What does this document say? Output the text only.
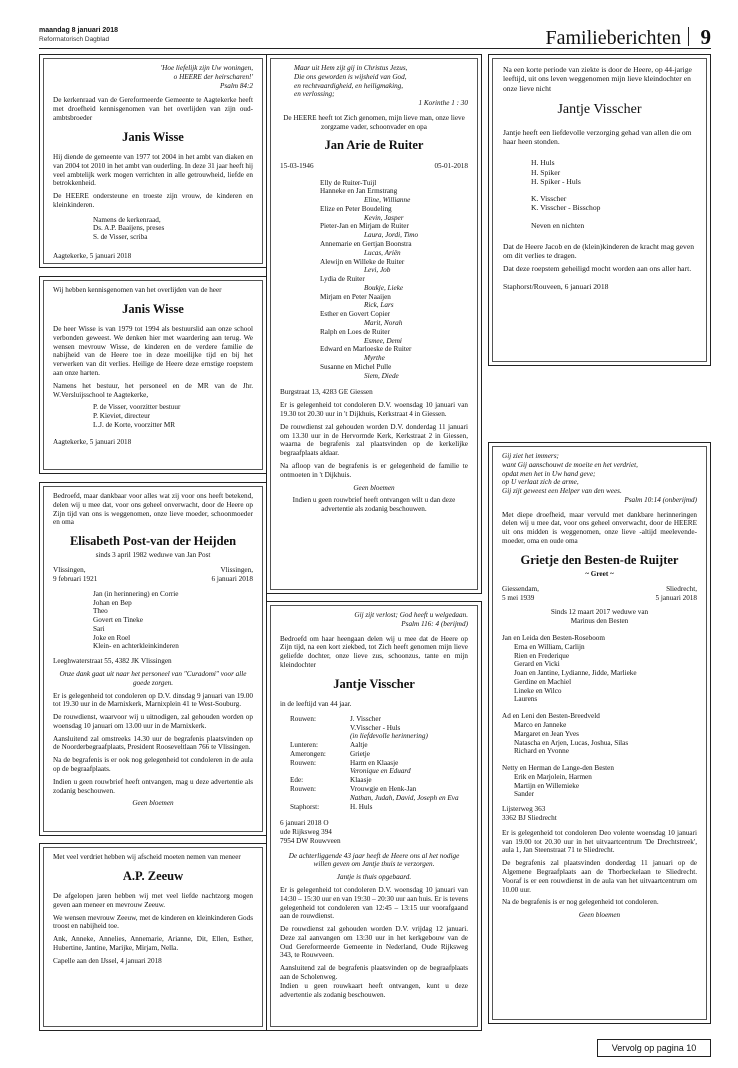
maandag 8 januari 2018
Reformatorisch Dagblad	Familieberichten 9
'Hoe liefelijk zijn Uw woningen,
o HEERE der heirscharen!'
Psalm 84:2

De kerkenraad van de Gereformeerde Gemeente te Aagtekerke heeft met droefheid kennisgenomen van het overlijden van zijn oud-ambtsbroeder

Janis Wisse

Hij diende de gemeente van 1977 tot 2004 in het ambt van diaken en van 2004 tot 2010 in het ambt van ouderling. In deze 31 jaar heeft hij veel ambtelijk werk mogen verrichten in alle getrouwheid, liefde en betrokkenheid.

De HEERE ondersteune en troeste zijn vrouw, de kinderen en kleinkinderen.

Namens de kerkenraad,
Ds. A.P. Baaijens, preses
S. de Visser, scriba

Aagtekerke, 5 januari 2018

Wij hebben kennisgenomen van het overlijden van de heer

Janis Wisse

De heer Wisse is van 1979 tot 1994 als bestuurslid aan onze school verbonden geweest. We denken hier met waardering aan terug. We wensen mevrouw Wisse, de kinderen en de verdere familie de nabijheid van de Heere toe in deze moeilijke tijd en bij het verwerken van dit verlies. Heilige de Heere deze ernstige roepstem aan onze harten.

Namens het bestuur, het personeel en de MR van de Jhr. W.Versluijsschool te Aagtekerke,

P. de Visser, voorzitter bestuur
P. Kieviet, directeur
L.J. de Korte, voorzitter MR

Aagtekerke, 5 januari 2018

Bedroefd, maar dankbaar voor alles wat zij voor ons heeft betekend, delen wij u mee dat, voor ons geheel onverwacht, door de Heere op Zijn tijd van ons is weggenomen, onze lieve moeder, schoonmoeder en oma

Elisabeth Post-van der Heijden
sinds 3 april 1982 weduwe van Jan Post
Vlissingen,
9 februari 1921
Vlissingen,
6 januari 2018
Jan (in herinnering) en Corrie
Johan en Bep
Theo
Govert en Tineke
Sari
Joke en Roel
Klein- en achterkleinkinderen

Leeghwaterstraat 55, 4382 JK Vlissingen

Onze dank gaat uit naar het personeel van "Curadomi" voor alle goede zorgen.

Er is gelegenheid tot condoleren op D.V. dinsdag 9 januari van 19.00 tot 19.30 uur in de Marnixkerk, Marnixplein 41 te West-Souburg.

De rouwdienst, waarvoor wij u uitnodigen, zal gehouden worden op woensdag 10 januari om 13.00 uur in de Marnixkerk.

Aansluitend zal omstreeks 14.30 uur de begrafenis plaatsvinden op de Noorderbegraafplaats, President Rooseveltlaan 766 te Vlissingen.

Na de begrafenis is er ook nog gelegenheid tot condoleren in de aula op de begraafplaats.

Indien u geen rouwbrief heeft ontvangen, mag u deze advertentie als zodanig beschouwen.

Geen bloemen

Met veel verdriet hebben wij afscheid moeten nemen van meneer

A.P. Zeeuw

De afgelopen jaren hebben wij met veel liefde nachtzorg mogen geven aan meneer en mevrouw Zeeuw.

We wensen mevrouw Zeeuw, met de kinderen en kleinkinderen Gods troost en nabijheid toe.

Ank, Anneke, Annelies, Annemarie, Arianne, Dit, Ellen, Esther, Hubertine, Jantine, Marijke, Mirjam, Nella.

Capelle aan den IJssel, 4 januari 2018

Maar uit Hem zijt gij in Christus Jezus,
Die ons geworden is wijsheid van God,
en rechtvaardigheid, en heiligmaking,
en verlossing;
1 Korinthe 1 : 30

De HEERE heeft tot Zich genomen, mijn lieve man, onze lieve zorgzame vader, schoonvader en opa

Jan Arie de Ruiter
15-03-1946	05-01-2018
Elly de Ruiter-Tuijl
Hanneke en Jan Ermstrang
Eline, Willianne
Elize en Peter Boudeling
Kevin, Jasper
Pieter-Jan en Mirjam de Ruiter
Laura, Jordi, Timo
Annemarie en Gertjan Boonstra
Lucas, Ariën
Alewijn en Willeke de Ruiter
Levi, Job
Lydia de Ruiter
Boukje, Lieke
Mirjam en Peter Naaijen
Rick, Lars
Esther en Govert Copier
Marit, Norah
Ralph en Loes de Ruiter
Esmee, Demi
Edward en Marloeske de Ruiter
Myrthe
Susanne en Michel Pulle
Siem, Diede

Burgstraat 13, 4283 GE Giessen

Er is gelegenheid tot condoleren D.V. woensdag 10 januari van 19.30 tot 20.30 uur in 't Dijkhuis, Kerkstraat 4 in Giessen.

De rouwdienst zal gehouden worden D.V. donderdag 11 januari om 13.30 uur in de Hervormde Kerk, Kerkstraat 2 in Giessen, waarna de begrafenis zal plaatsvinden op de kerkelijke begraafplaats aldaar.

Na afloop van de begrafenis is er gelegenheid de familie te ontmoeten in 't Dijkhuis.

Geen bloemen

Indien u geen rouwbrief heeft ontvangen wilt u dan deze advertentie als zodanig beschouwen.

Gij zijt verlost; God heeft u welgedaan.
Psalm 116: 4 (berijmd)

Bedroefd om haar heengaan delen wij u mee dat de Heere op Zijn tijd, na een kort ziekbed, tot Zich heeft genomen mijn lieve geliefde dochter, onze lieve zus, schoonzus, tante en mijn kleindochter

Jantje Visscher

in de leeftijd van 44 jaar.

Rouwen:	J. Visscher
V.Visscher - Huls
(in liefdevolle herinnering)
Lunteren:	Aaltje
Amerongen:	Grietje
Rouwen:	Harm en Klaasje
Veronique en Eduard
Ede:	Klaasje
Rouwen:	Vrouwgje en Henk-Jan
Nathan, Judah, David, Joseph en Eva
Staphorst:	H. Huls
6 januari 2018 O
ude Rijksweg 394
7954 DW Rouwveen

De achterliggende 43 jaar heeft de Heere ons al het nodige willen geven om Jantje thuis te verzorgen.

Jantje is thuis opgebaard.

Er is gelegenheid tot condoleren D.V. woensdag 10 januari van 14:30 – 15:30 uur en van 19:30 – 20:30 uur aan huis. Er is tevens gelegenheid tot condoleren van 12:45 – 13:15 uur voorafgaand aan de rouwdienst.

De rouwdienst zal gehouden worden D.V. vrijdag 12 januari. Deze zal aanvangen om 13:30 uur in het kerkgebouw van de Oud Gereformeerde Gemeente in Nederland, Oude Rijksweg 343, te Rouwveen.

Aansluitend zal de begrafenis plaatsvinden op de begraafplaats aan de Scholenweg.

Indien u geen rouwkaart heeft ontvangen, kunt u deze advertentie als zodanig beschouwen.

Na een korte periode van ziekte is door de Heere, op 44-jarige leeftijd, uit ons leven weggenomen mijn lieve kleindochter en onze lieve nicht

Jantje Visscher

Jantje heeft een liefdevolle verzorging gehad van allen die om haar heen stonden.

H. Huls
H. Spiker
H. Spiker - Huls
K. Visscher
K. Visscher - Bisschop
Neven en nichten

Dat de Heere Jacob en de (klein)kinderen de kracht mag geven om dit verlies te dragen.

Dat deze roepstem geheiligd mocht worden aan ons aller hart.

Staphorst/Rouveen, 6 januari 2018

Gij ziet het immers;
want Gij aanschouwt de moeite en het verdriet,
opdat men het in Uw hand geve;
op U verlaat zich de arme,
Gij zijt geweest een Helper van den wees.
Psalm 10:14 (onberijmd)

Met diepe droefheid, maar vervuld met dankbare herinneringen delen wij u mee dat, voor ons geheel onverwacht, door de HEERE uit ons midden is weggenomen, onze lieve -altijd meelevende- moeder, oma en oude oma

Grietje den Besten-de Ruijter
~ Greet ~
Giessendam,
5 mei 1939
Sliedrecht,
5 januari 2018
Sinds 12 maart 2017 weduwe van
Marinus den Besten
Jan en Leida den Besten-Roseboom
Erna en William, Carlijn
Rien en Frederique
Gerard en Vicki
Joan en Jantine, Lydianne, Jidde, Marlieke
Gerdine en Machiel
Lineke en Wilco
Laurens
Ad en Leni den Besten-Breedveld
Marco en Janneke
Margaret en Jean Yves
Natascha en Arjen, Lucas, Joshua, Silas
Richard en Yvonne
Netty en Herman de Lange-den Besten
Erik en Marjolein, Harmen
Martijn en Willemieke
Sander
Lijsterweg 363
3362 BJ Sliedrecht

Er is gelegenheid tot condoleren Deo volente woensdag 10 januari van 19.00 tot 20.30 uur in het uitvaartcentrum 'De Drechtstreek', aula 1, Jan Steenstraat 71 te Sliedrecht.

De begrafenis zal plaatsvinden donderdag 11 januari op de Algemene Begraafplaats aan de Thorbeckelaan te Sliedrecht. Vooraf is er een rouwdienst in de aula van het uitvaartcentrum om 10.00 uur.

Na de begrafenis is er nog gelegenheid tot condoleren.

Geen bloemen

Vervolg op pagina 10
